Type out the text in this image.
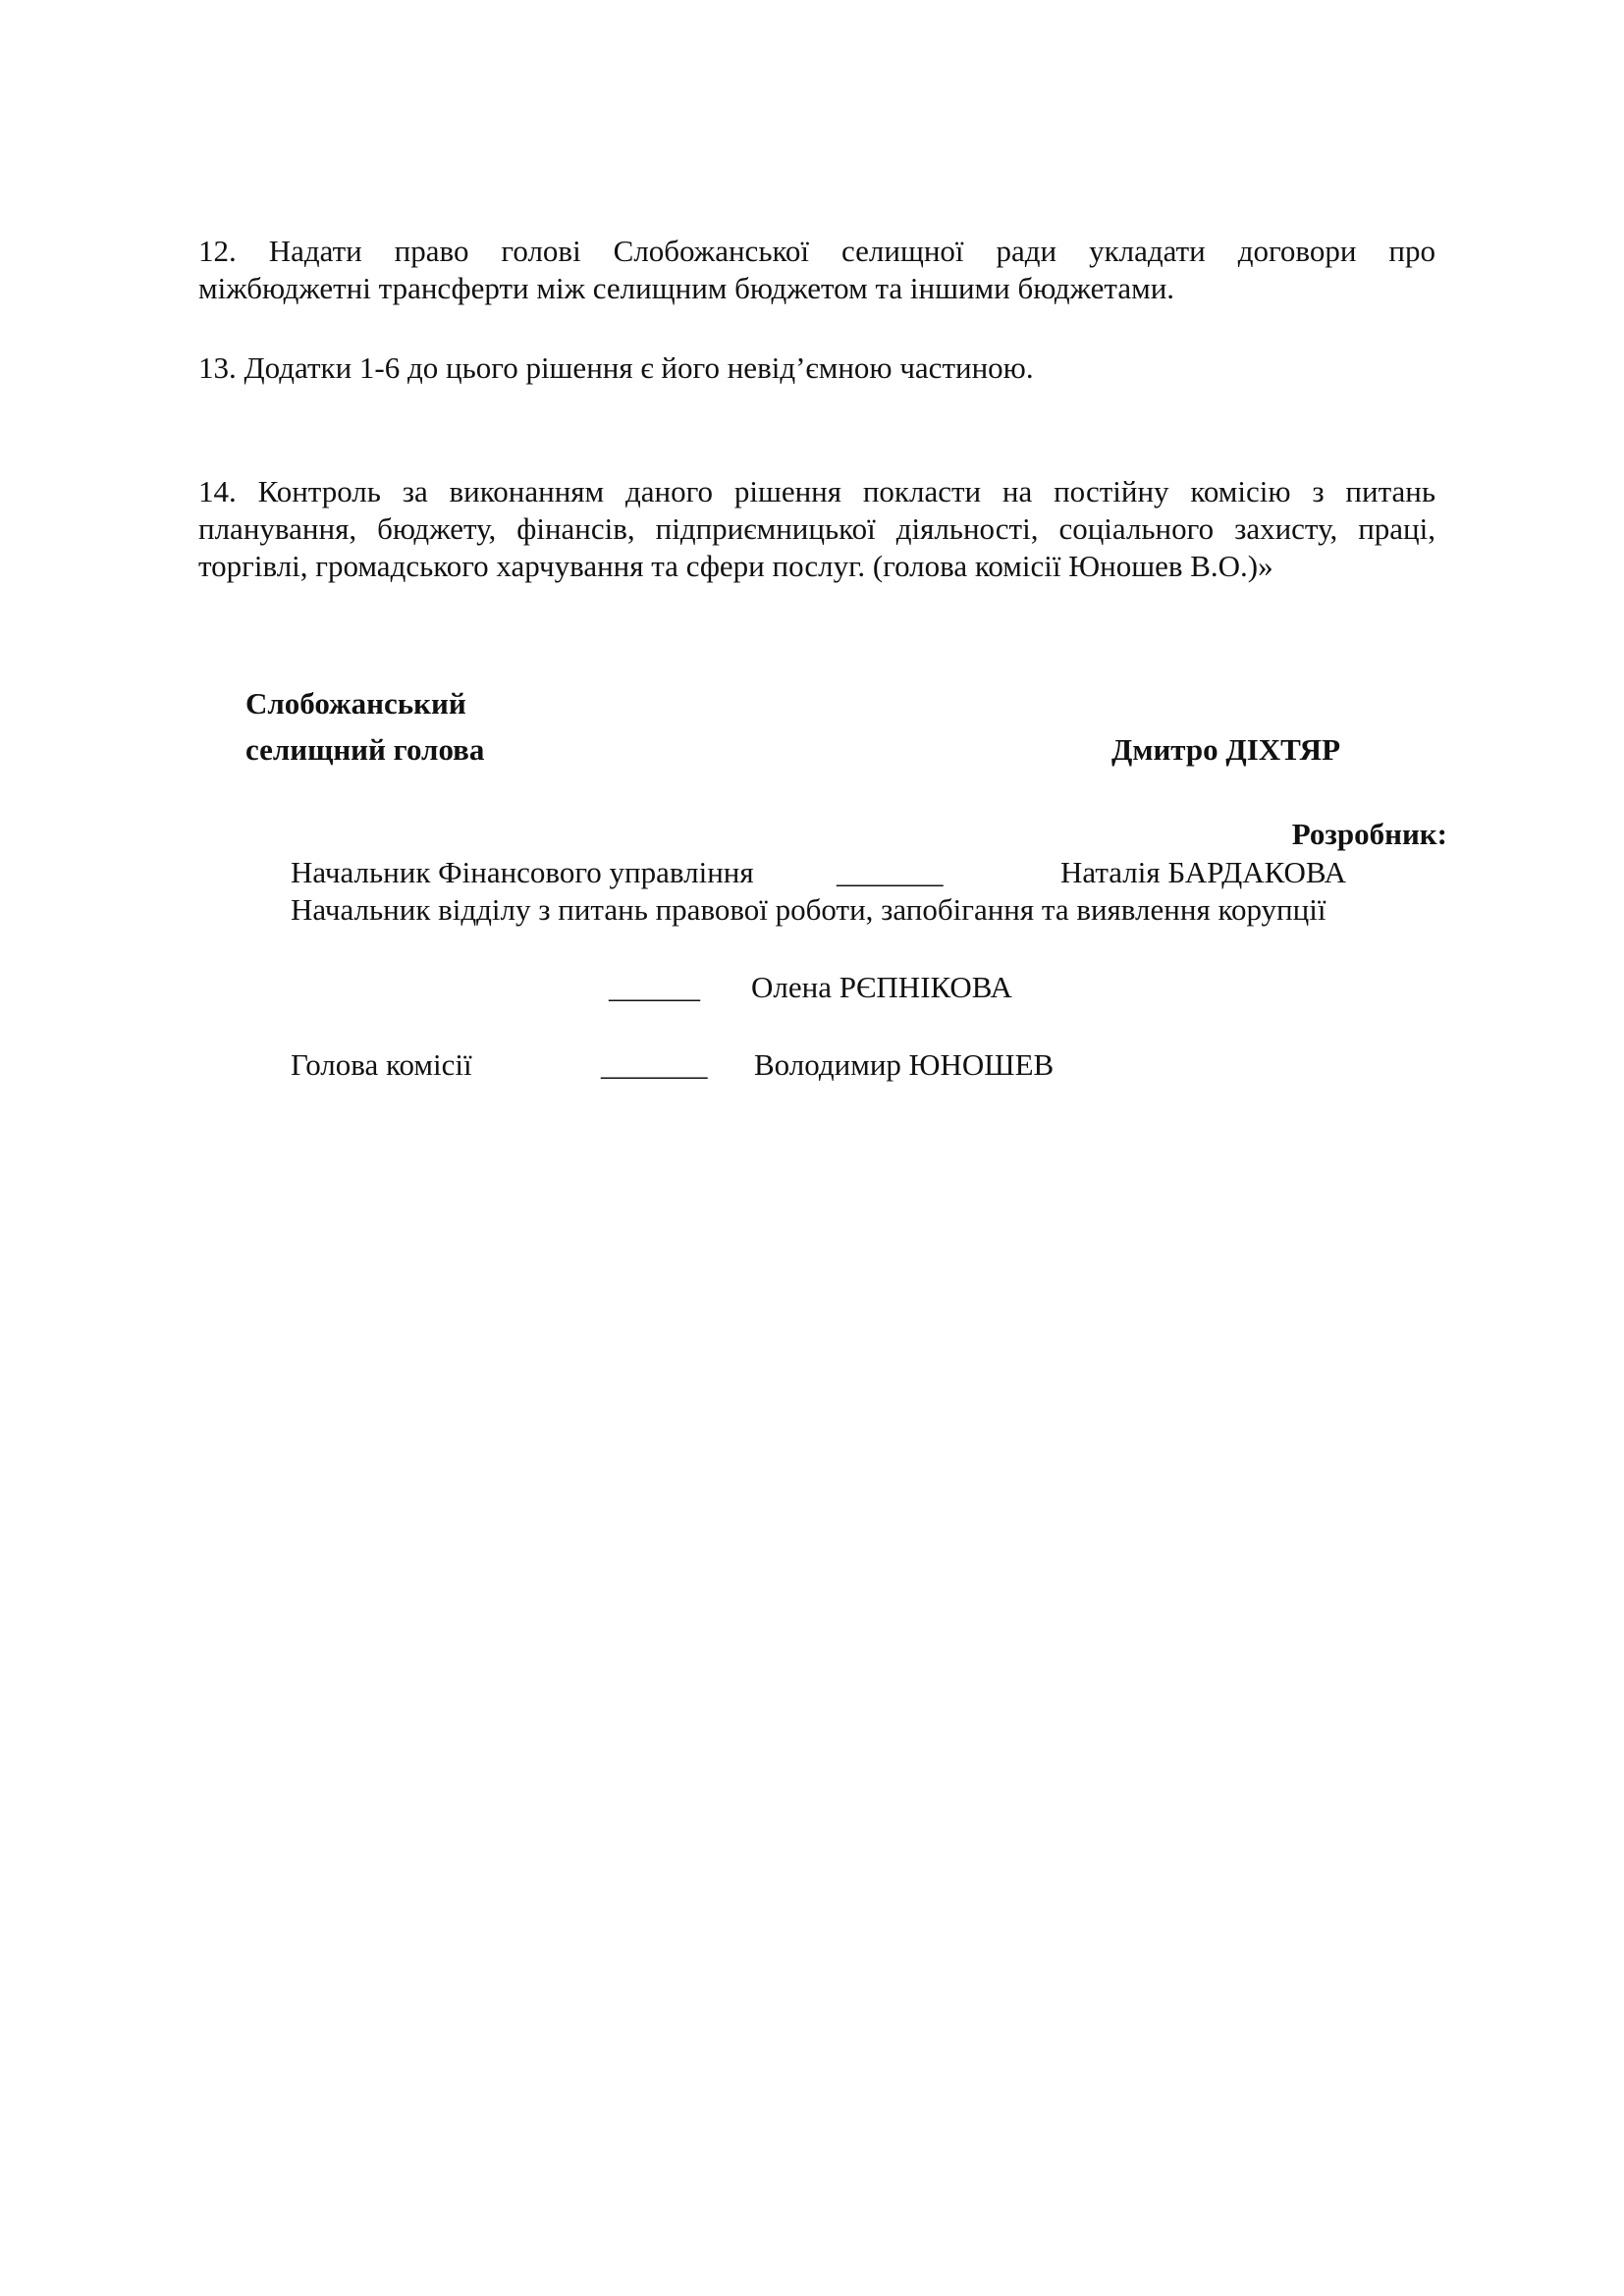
12. Надати право голові Слобожанської селищної ради укладати договори про
міжбюджетні трансферти між селищним бюджетом та іншими бюджетами.
13. Додатки 1-6 до цього рішення є його невід’ємною частиною.
14. Контроль за виконанням даного рішення покласти на постійну комісію з питань
планування, бюджету, фінансів, підприємницької діяльності, соціального захисту, праці,
торгівлі, громадського харчування та сфери послуг. (голова комісії Юношев В.О.)»
Слобожанський
селищний голова	Дмитро ДІХТЯР
Розробник:
Начальник Фінансового управління	_______	Наталія БАРДАКОВА
Начальник відділу з питань правової роботи, запобігання та виявлення корупції
______ Олена РЄПНІКОВА
Голова комісії	_______ Володимир ЮНОШЕВ
